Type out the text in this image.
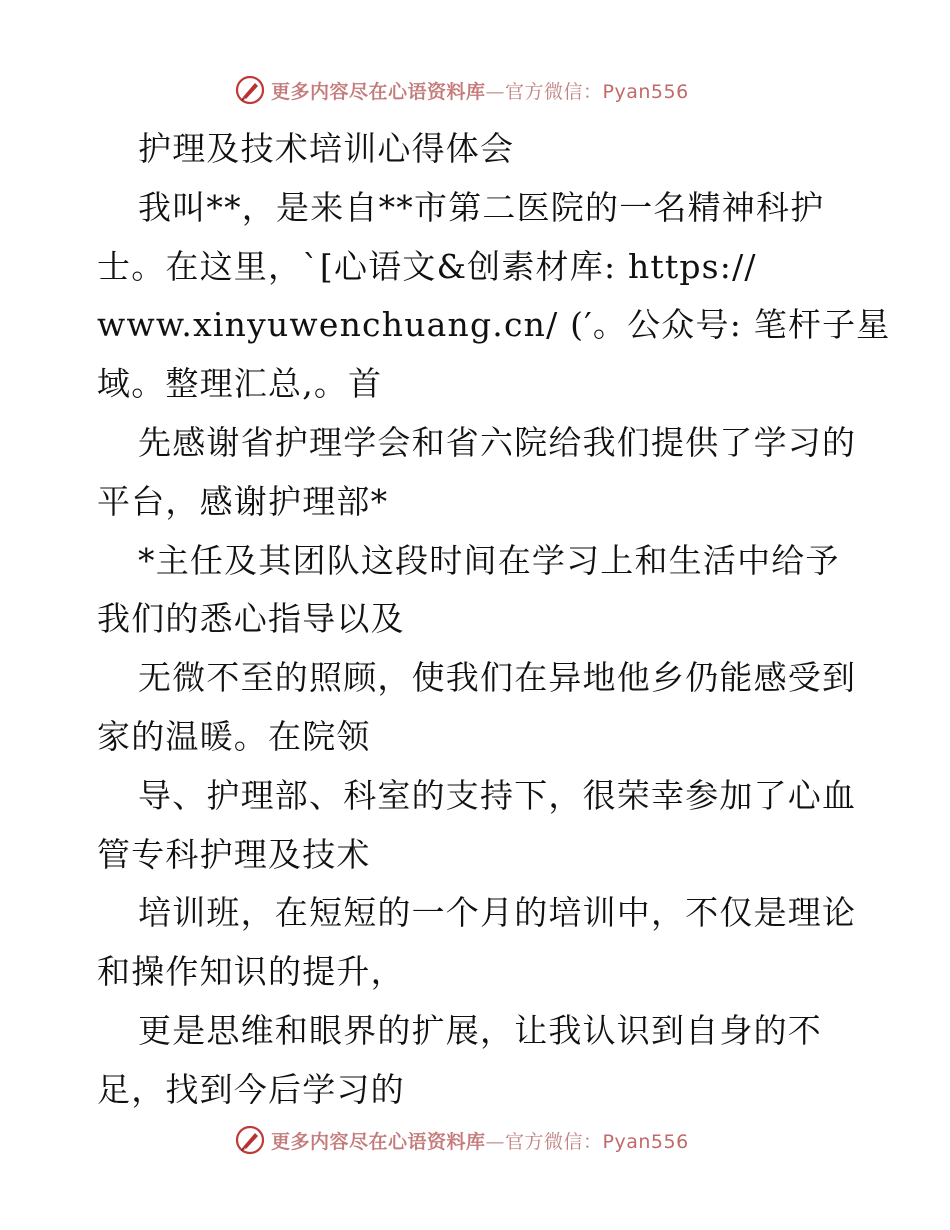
更多内容尽在心语资料库—官方微信：Pyan556
护理及技术培训心得体会
我叫**，是来自**市第二医院的一名精神科护
士。在这里，`[心语文&创素材库: https://
www.xinyuwenchuang.cn/ (′。公众号: 笔杆子星
域。整理汇总,。首
先感谢省护理学会和省六院给我们提供了学习的
平台，感谢护理部*
*主任及其团队这段时间在学习上和生活中给予
我们的悉心指导以及
无微不至的照顾，使我们在异地他乡仍能感受到
家的温暖。在院领
导、护理部、科室的支持下，很荣幸参加了心血
管专科护理及技术
培训班，在短短的一个月的培训中，不仅是理论
和操作知识的提升，
更是思维和眼界的扩展，让我认识到自身的不
足，找到今后学习的
更多内容尽在心语资料库—官方微信：Pyan556
